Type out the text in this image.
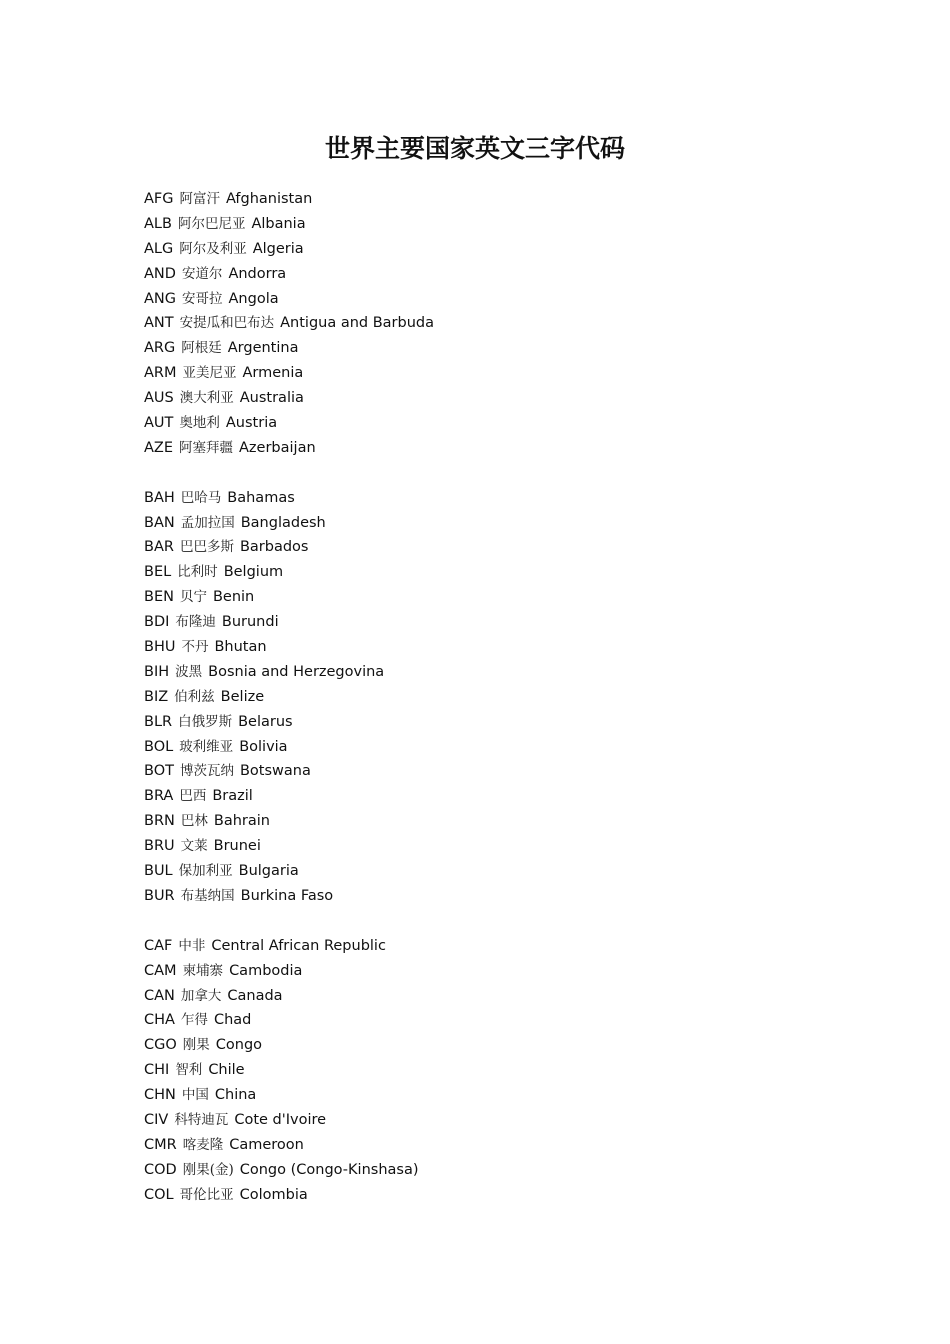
世界主要国家英文三字代码
AFG 阿富汗 Afghanistan
ALB 阿尔巴尼亚 Albania
ALG 阿尔及利亚 Algeria
AND 安道尔 Andorra
ANG 安哥拉 Angola
ANT 安提瓜和巴布达 Antigua and Barbuda
ARG 阿根廷 Argentina
ARM 亚美尼亚 Armenia
AUS 澳大利亚 Australia
AUT 奥地利 Austria
AZE 阿塞拜疆 Azerbaijan
BAH 巴哈马 Bahamas
BAN 孟加拉国 Bangladesh
BAR 巴巴多斯 Barbados
BEL 比利时 Belgium
BEN 贝宁 Benin
BDI 布隆迪 Burundi
BHU 不丹 Bhutan
BIH 波黑 Bosnia and Herzegovina
BIZ 伯利兹 Belize
BLR 白俄罗斯 Belarus
BOL 玻利维亚 Bolivia
BOT 博茨瓦纳 Botswana
BRA 巴西 Brazil
BRN 巴林 Bahrain
BRU 文莱 Brunei
BUL 保加利亚 Bulgaria
BUR 布基纳国 Burkina Faso
CAF 中非 Central African Republic
CAM 柬埔寨 Cambodia
CAN 加拿大 Canada
CHA 乍得 Chad
CGO 刚果 Congo
CHI 智利 Chile
CHN 中国 China
CIV 科特迪瓦 Cote d'Ivoire
CMR 喀麦隆 Cameroon
COD 刚果(金) Congo (Congo-Kinshasa)
COL 哥伦比亚 Colombia
